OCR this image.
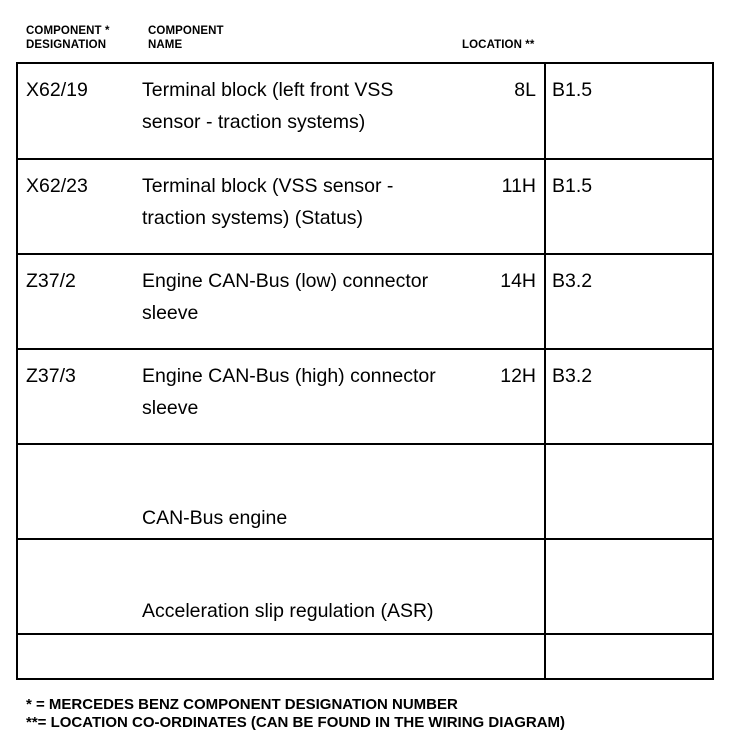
COMPONENT *
DESIGNATION
COMPONENT
NAME	LOCATION **
X62/19	Terminal block (left front VSS
sensor - traction systems)
8L B1.5
X62/23	Terminal block (VSS sensor -
traction systems) (Status)
11H B1.5
Z37/2	Engine CAN-Bus (low) connector
sleeve
14H B3.2
Z37/3	Engine CAN-Bus (high) connector
sleeve
12H B3.2
CAN-Bus engine
Acceleration slip regulation (ASR)
* = MERCEDES BENZ COMPONENT DESIGNATION NUMBER
**= LOCATION CO-ORDINATES (CAN BE FOUND IN THE WIRING DIAGRAM)
